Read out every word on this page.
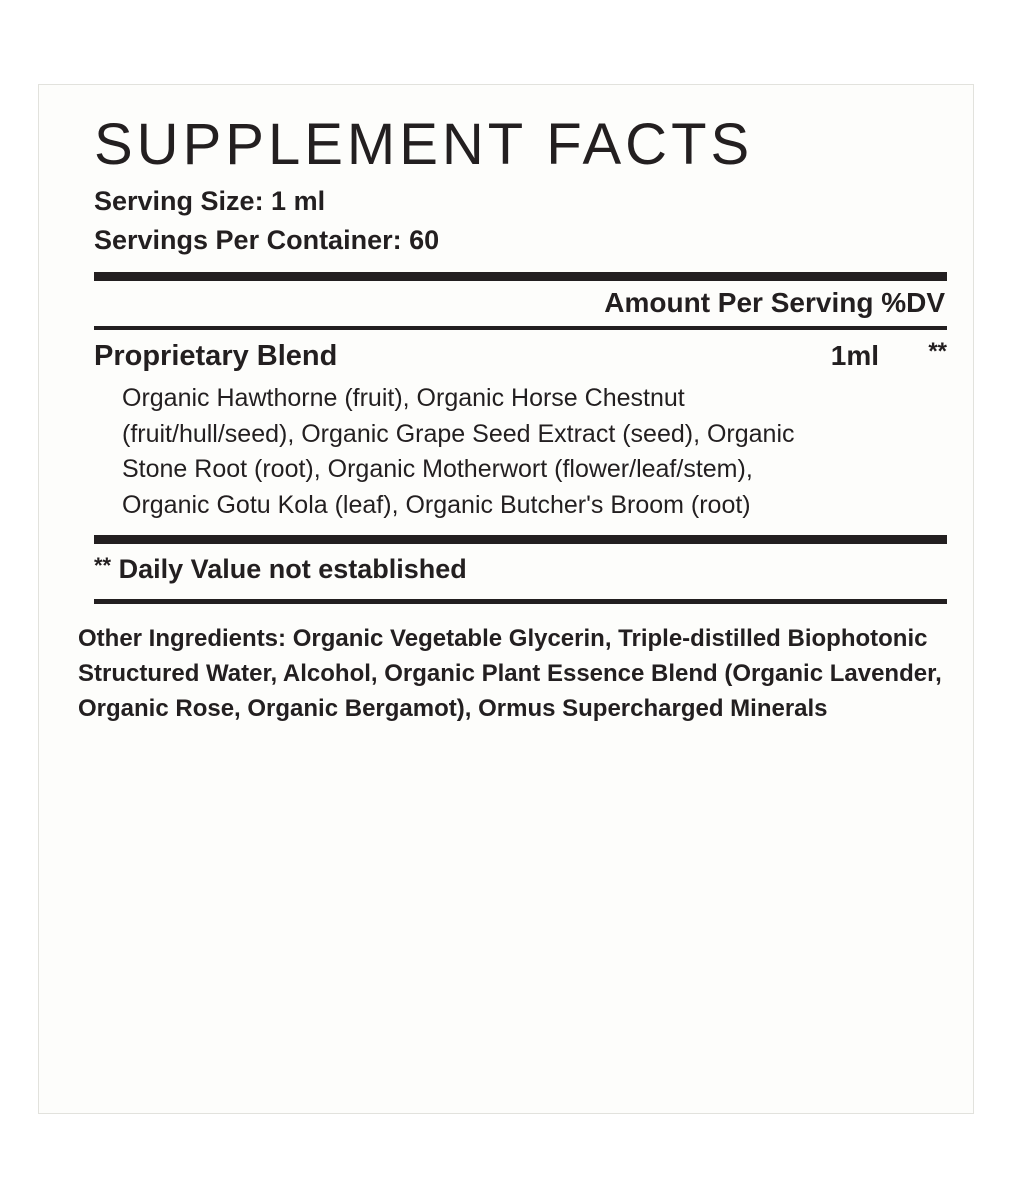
SUPPLEMENT FACTS
Serving Size: 1 ml
Servings Per Container: 60
Amount Per Serving %DV
Proprietary Blend	1ml	**
Organic Hawthorne (fruit), Organic Horse Chestnut (fruit/hull/seed), Organic Grape Seed Extract (seed), Organic Stone Root (root), Organic Motherwort (flower/leaf/stem), Organic Gotu Kola (leaf), Organic Butcher's Broom (root)
** Daily Value not established
Other Ingredients: Organic Vegetable Glycerin, Triple-distilled Biophotonic Structured Water, Alcohol, Organic Plant Essence Blend (Organic Lavender, Organic Rose, Organic Bergamot), Ormus Supercharged Minerals
